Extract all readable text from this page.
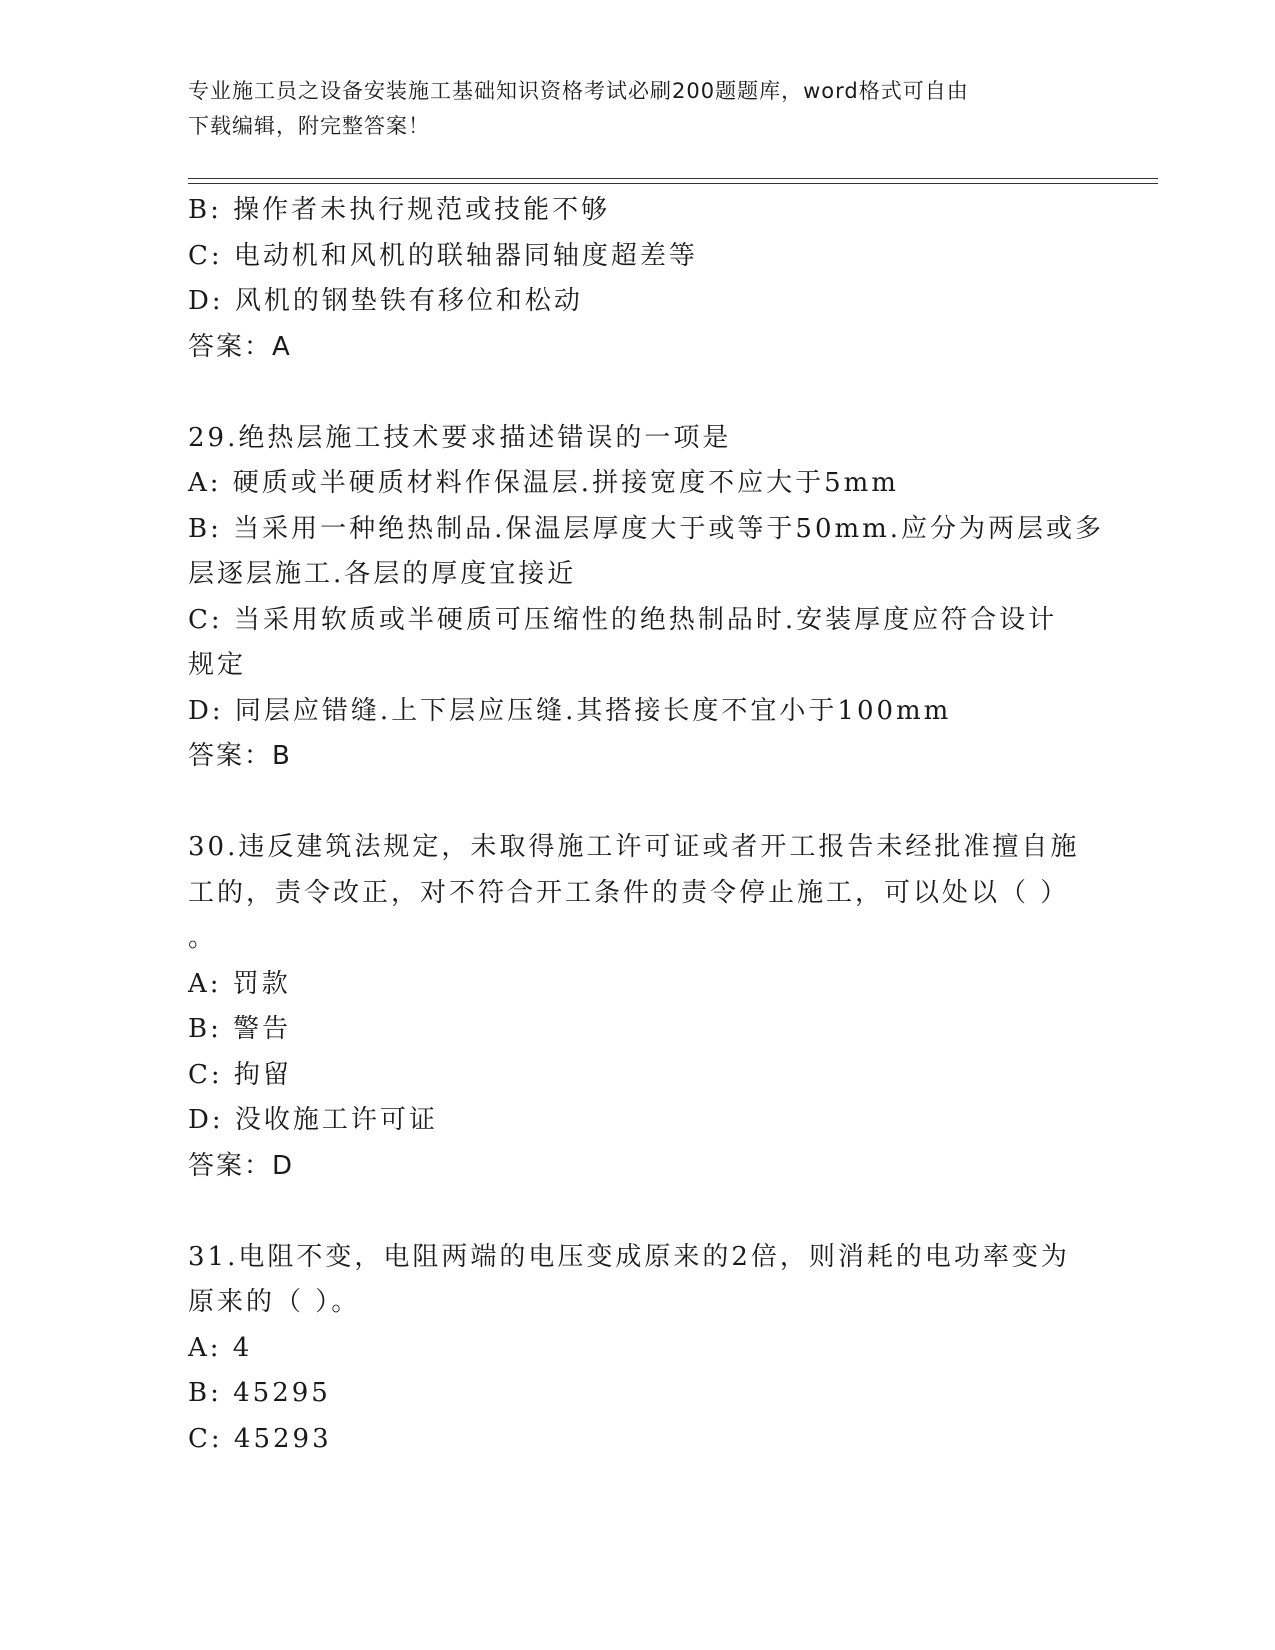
专业施工员之设备安装施工基础知识资格考试必刷200题题库，word格式可自由
下载编辑，附完整答案！
B: 操作者未执行规范或技能不够
C: 电动机和风机的联轴器同轴度超差等
D: 风机的钢垫铁有移位和松动
答案：A
29.绝热层施工技术要求描述错误的一项是
A: 硬质或半硬质材料作保温层.拼接宽度不应大于5mm
B: 当采用一种绝热制品.保温层厚度大于或等于50mm.应分为两层或多
层逐层施工.各层的厚度宜接近
C: 当采用软质或半硬质可压缩性的绝热制品时.安装厚度应符合设计
规定
D: 同层应错缝.上下层应压缝.其搭接长度不宜小于100mm
答案：B
30.违反建筑法规定，未取得施工许可证或者开工报告未经批准擅自施
工的，责令改正，对不符合开工条件的责令停止施工，可以处以（ ）
。
A: 罚款
B: 警告
C: 拘留
D: 没收施工许可证
答案：D
31.电阻不变，电阻两端的电压变成原来的2倍，则消耗的电功率变为
原来的（ ）。
A: 4
B: 45295
C: 45293
